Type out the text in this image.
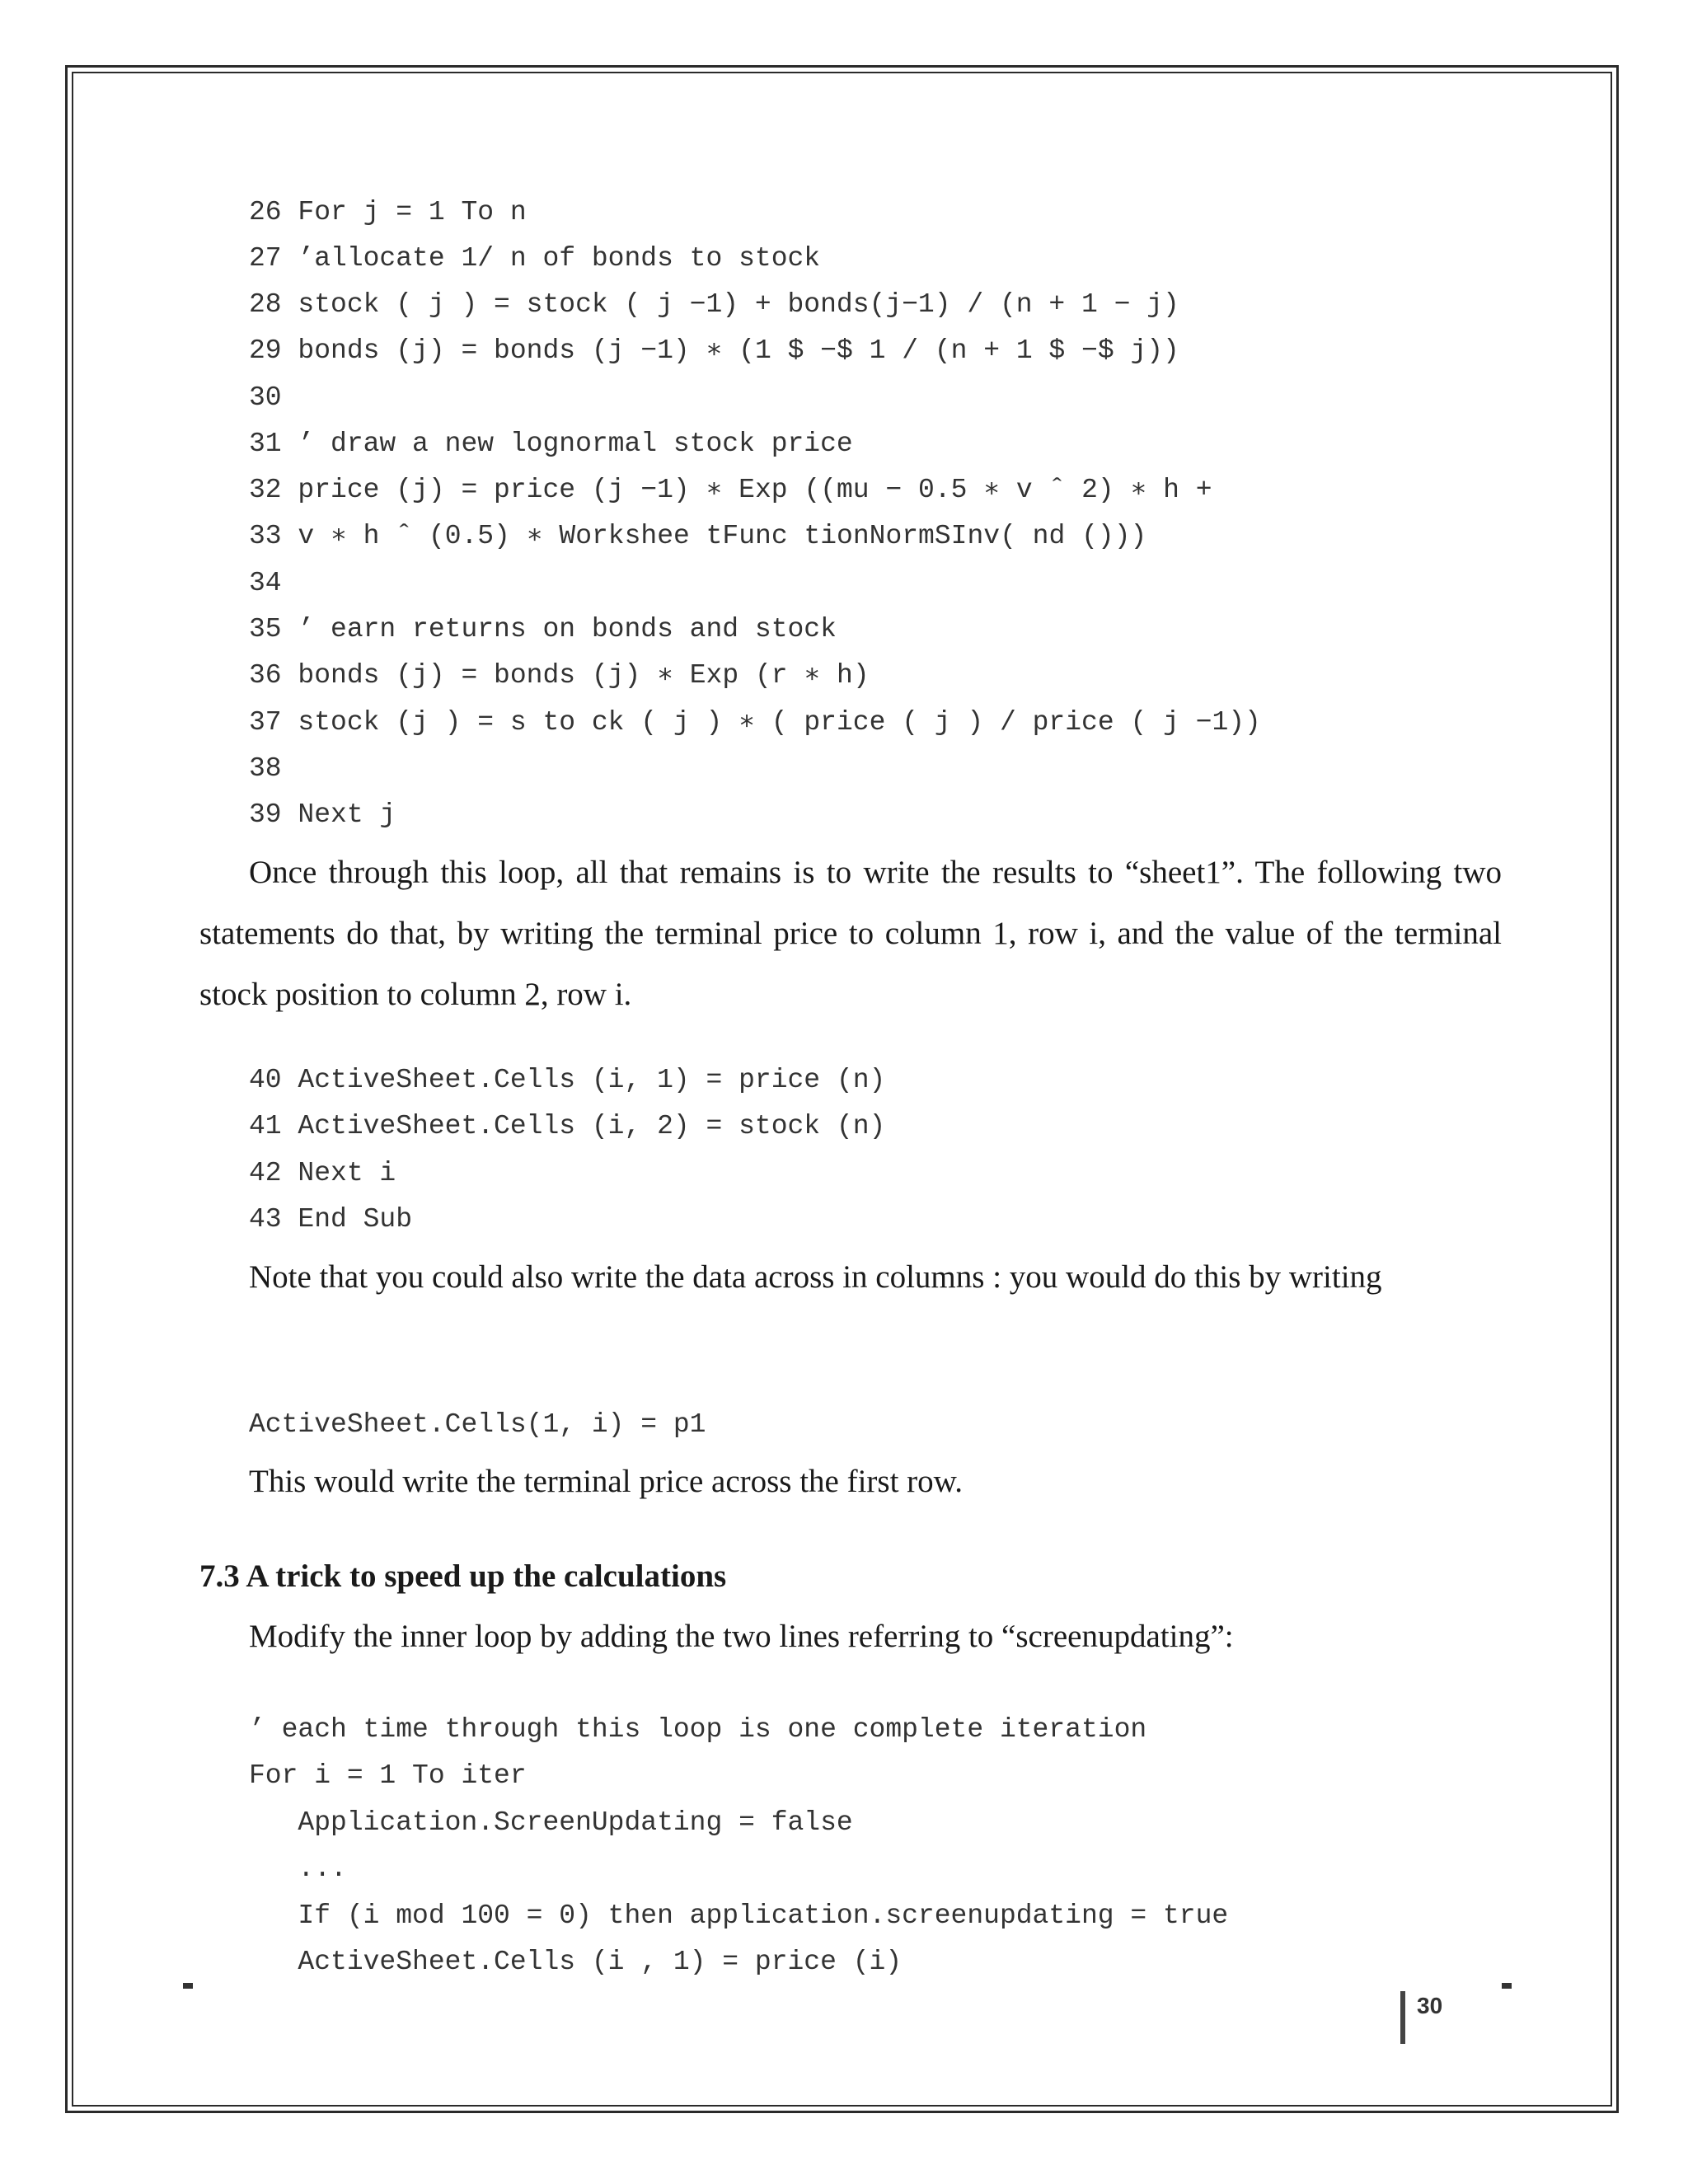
26 For j = 1 To n
27 ’allocate 1/ n of bonds to stock
28 stock ( j ) = stock ( j −1) + bonds(j−1) / (n + 1 − j)
29 bonds (j) = bonds (j −1) ∗ (1 $ −$ 1 / (n + 1 $ −$ j))
30
31 ’ draw a new lognormal stock price
32 price (j) = price (j −1) ∗ Exp ((mu − 0.5 ∗ v ˆ 2) ∗ h +
33 v ∗ h ˆ (0.5) ∗ Workshee tFunc tionNormSInv( nd ()))
34
35 ’ earn returns on bonds and stock
36 bonds (j) = bonds (j) ∗ Exp (r ∗ h)
37 stock (j ) = s to ck ( j ) ∗ ( price ( j ) / price ( j −1))
38
39 Next j
Once through this loop, all that remains is to write the results to “sheet1”. The following two statements do that, by writing the terminal price to column 1, row i, and the value of the terminal stock position to column 2, row i.
40 ActiveSheet.Cells (i, 1) = price (n)
41 ActiveSheet.Cells (i, 2) = stock (n)
42 Next i
43 End Sub
Note that you could also write the data across in columns : you would do this by writing
ActiveSheet.Cells(1, i) = p1
This would write the terminal price across the first row.
7.3 A trick to speed up the calculations
Modify the inner loop by adding the two lines referring to “screenupdating”:
’ each time through this loop is one complete iteration
For i = 1 To iter
Application.ScreenUpdating = false
...
If (i mod 100 = 0) then application.screenupdating = true
ActiveSheet.Cells (i , 1) = price (i)
30
